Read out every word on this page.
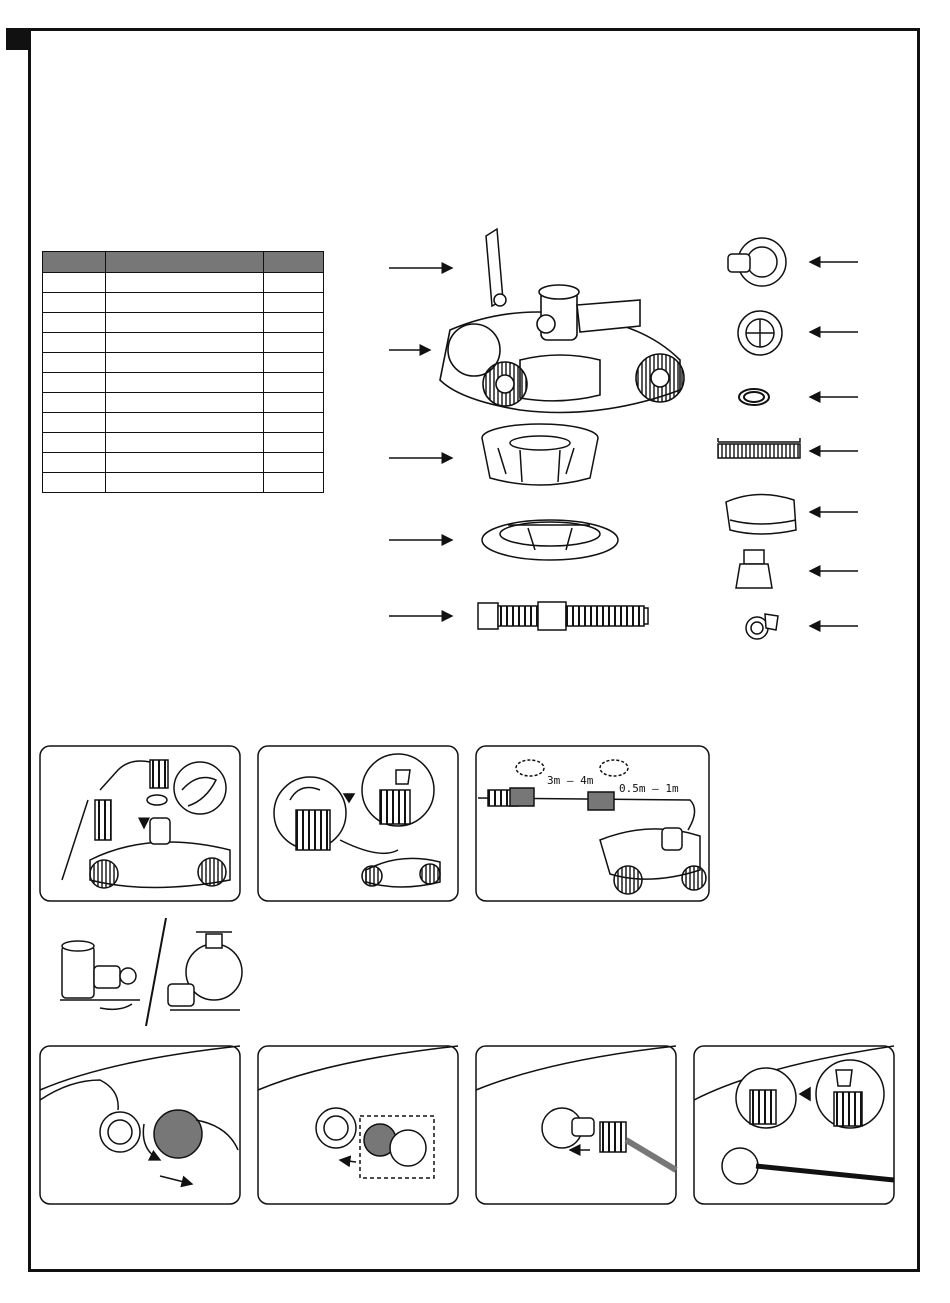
3m — 4m
0.5m — 1m
